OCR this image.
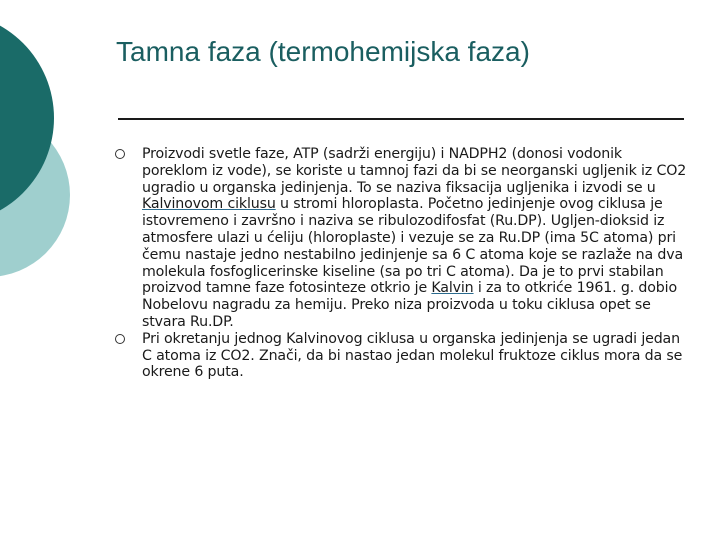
Tamna faza (termohemijska faza)
Proizvodi svetle faze, ATP (sadrži energiju) i NADPH2 (donosi vodonik poreklom iz vode), se koriste u tamnoj fazi da bi se neorganski ugljenik iz CO2 ugradio u organska jedinjenja. To se naziva fiksacija ugljenika i izvodi se u Kalvinovom ciklusu u stromi hloroplasta. Početno jedinjenje ovog ciklusa je istovremeno i završno i naziva se ribulozodifosfat (Ru.DP). Ugljen-dioksid iz atmosfere ulazi u ćeliju (hloroplaste) i vezuje se za Ru.DP (ima 5C atoma) pri čemu nastaje jedno nestabilno jedinjenje sa 6 C atoma koje se razlaže na dva molekula fosfoglicerinske kiseline (sa po tri C atoma). Da je to prvi stabilan proizvod tamne faze fotosinteze otkrio je Kalvin i za to otkriće 1961. g. dobio Nobelovu nagradu za hemiju. Preko niza proizvoda u toku ciklusa opet se stvara Ru.DP.
Pri okretanju jednog Kalvinovog ciklusa u organska jedinjenja se ugradi jedan C atoma iz CO2. Znači, da bi nastao jedan molekul fruktoze ciklus mora da se okrene 6 puta.
